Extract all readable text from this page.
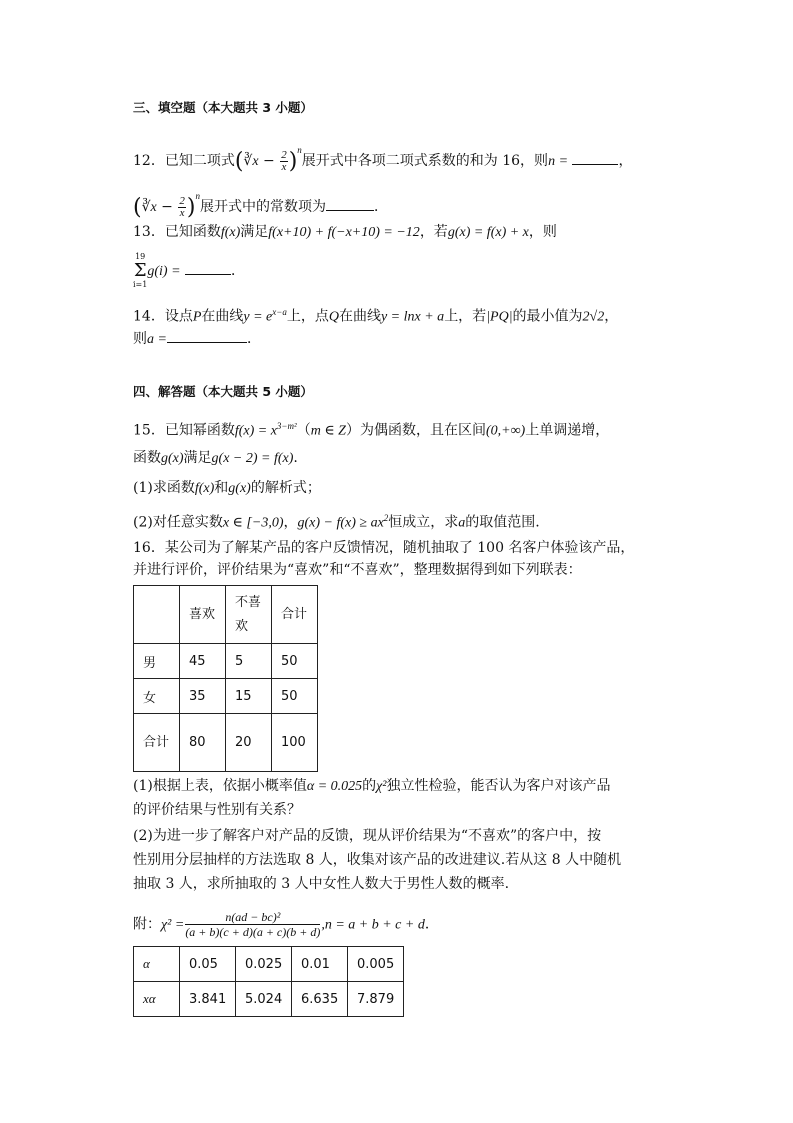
三、填空题（本大题共 3 小题）
12．已知二项式(∛x − $\frac{2}{x} )^n$展开式中各项二项式系数的和为 16，则n =	，
(∛x − $\frac{2}{x} )^n$展开式中的常数项为	．
13．已知函数f(x)满足f(x+10) + f(−x+10) = −12，若g(x) = f(x) + x，则
19
Σ
i=1
g(i) =	．
14．设点P在曲线$y = e^{x-a}$上，点Q在曲线y = lnx + a上，若|PQ|的最小值为2√2，
则a =	．
四、解答题（本大题共 5 小题）
15．已知幂函数$f(x) = x^{3-m^2}(m$ ∈ Z）为偶函数，且在区间(0,+∞)上单调递增，
函数g(x)满足g(x − 2) = f(x).
(1)求函数f(x)和g(x)的解析式；
(2)对任意实数x ∈ [−3,0)，$g(x) - f(x) \ge ax^2$恒成立，求a的取值范围.
16．某公司为了解某产品的客户反馈情况，随机抽取了 100 名客户体验该产品，
并进行评价，评价结果为“喜欢”和“不喜欢”，整理数据得到如下列联表：
	喜欢	不喜欢	合计
男	45	5	50
女	35	15	50
合计	80	20	100
(1)根据上表，依据小概率值α = 0.025的χ²独立性检验，能否认为客户对该产品
的评价结果与性别有关系？
(2)为进一步了解客户对产品的反馈，现从评价结果为“不喜欢”的客户中，按
性别用分层抽样的方法选取 8 人，收集对该产品的改进建议.若从这 8 人中随机
抽取 3 人，求所抽取的 3 人中女性人数大于男性人数的概率.
附：$\chi^2 = \frac{\text{n(ad − bc)²}}{(a + b)(c + d)(a + c)(b + d)} ,n = a + b + c + d$．
α	0.05	0.025	0.01	0.005
xα	3.841	5.024	6.635	7.879
